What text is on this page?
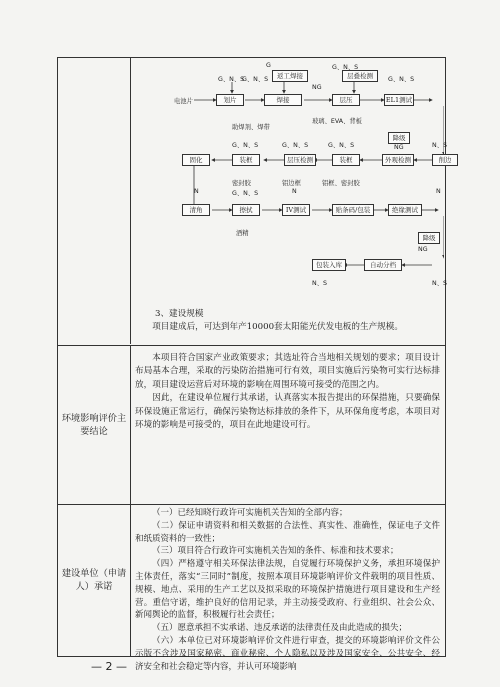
电池片	划片	焊接	层压	EL1测试
返工焊接	层叠检测
G、N、S
G、N、S
G	G、N、S
G、N、S
NG
助焊剂、焊带
玻璃、EVA、背板
固化	装框	层压检测	装框	外观检测	削边
降级
G、N、S	G、N、S	G、N、S	N、S
NG
密封胶	铝边框	铝框、密封胶
清角	擦拭	IV测试	贴条码/包装	绝缘测试
N	G、N、S	N	N
酒精
包装入库	自动分档
降级
NG
N、S	N、S
3、建设规模

项目建成后，可达到年产10000套太阳能光伏发电板的生产规模。

环境影响评价主要结论

本项目符合国家产业政策要求；其选址符合当地相关规划的要求；项目设计布局基本合理，采取的污染防治措施可行有效，项目实施后污染物可实行达标排放，项目建设运营后对环境的影响在周围环境可接受的范围之内。

因此，在建设单位履行其承诺，认真落实本报告提出的环保措施，只要确保环保设施正常运行，确保污染物达标排放的条件下，从环保角度考虑，本项目对环境的影响是可接受的，项目在此地建设可行。

建设单位（申请人）承诺

（一）已经知晓行政许可实施机关告知的全部内容；

（二）保证申请资料和相关数据的合法性、真实性、准确性，保证电子文件和纸质资料的一致性；

（三）项目符合行政许可实施机关告知的条件、标准和技术要求；

（四）严格遵守相关环保法律法规，自觉履行环境保护义务，承担环境保护主体责任，落实“三同时”制度，按照本项目环境影响评价文件载明的项目性质、规模、地点、采用的生产工艺以及拟采取的环境保护措施进行项目建设和生产经营。重信守诺，维护良好的信用记录，并主动接受政府、行业组织、社会公众、新闻舆论的监督，积极履行社会责任；

（五）愿意承担不实承诺、违反承诺的法律责任及由此造成的损失；

（六）本单位已对环境影响评价文件进行审查，提交的环境影响评价文件公示版不含涉及国家秘密、商业秘密、个人隐私以及涉及国家安全、公共安全、经济安全和社会稳定等内容，并认可环境影响

— 2 —
